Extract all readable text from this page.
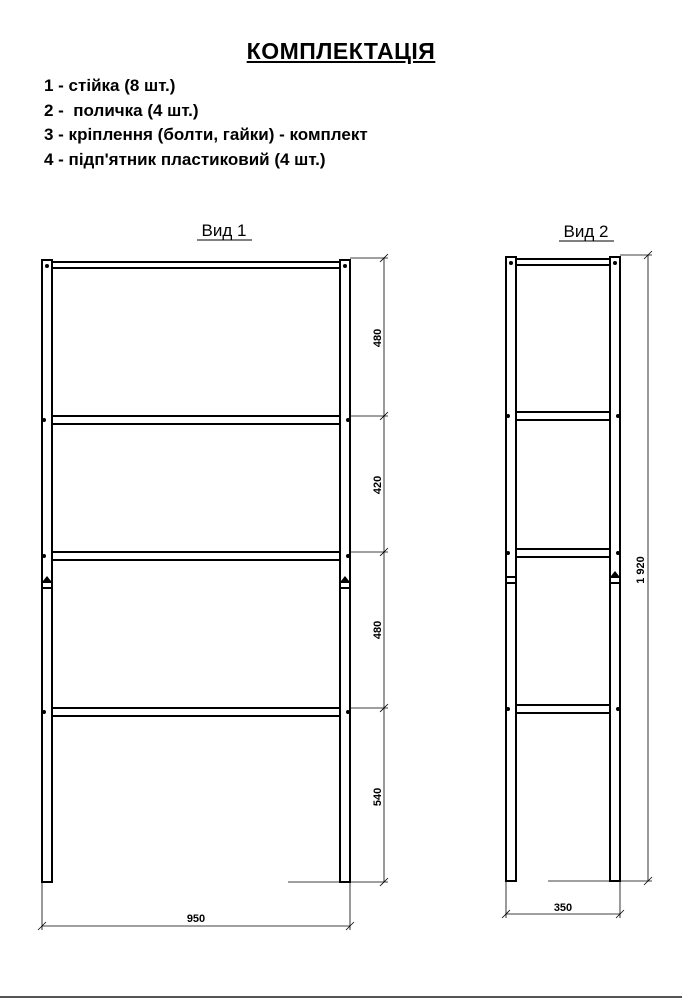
КОМПЛЕКТАЦІЯ
1 - стійка (8 шт.)
2 -  поличка (4 шт.)
3 - кріплення (болти, гайки) - комплект
4 - підп'ятник пластиковий (4 шт.)
Вид 1
480
420
480
540
950
Вид 2
1 920
350
